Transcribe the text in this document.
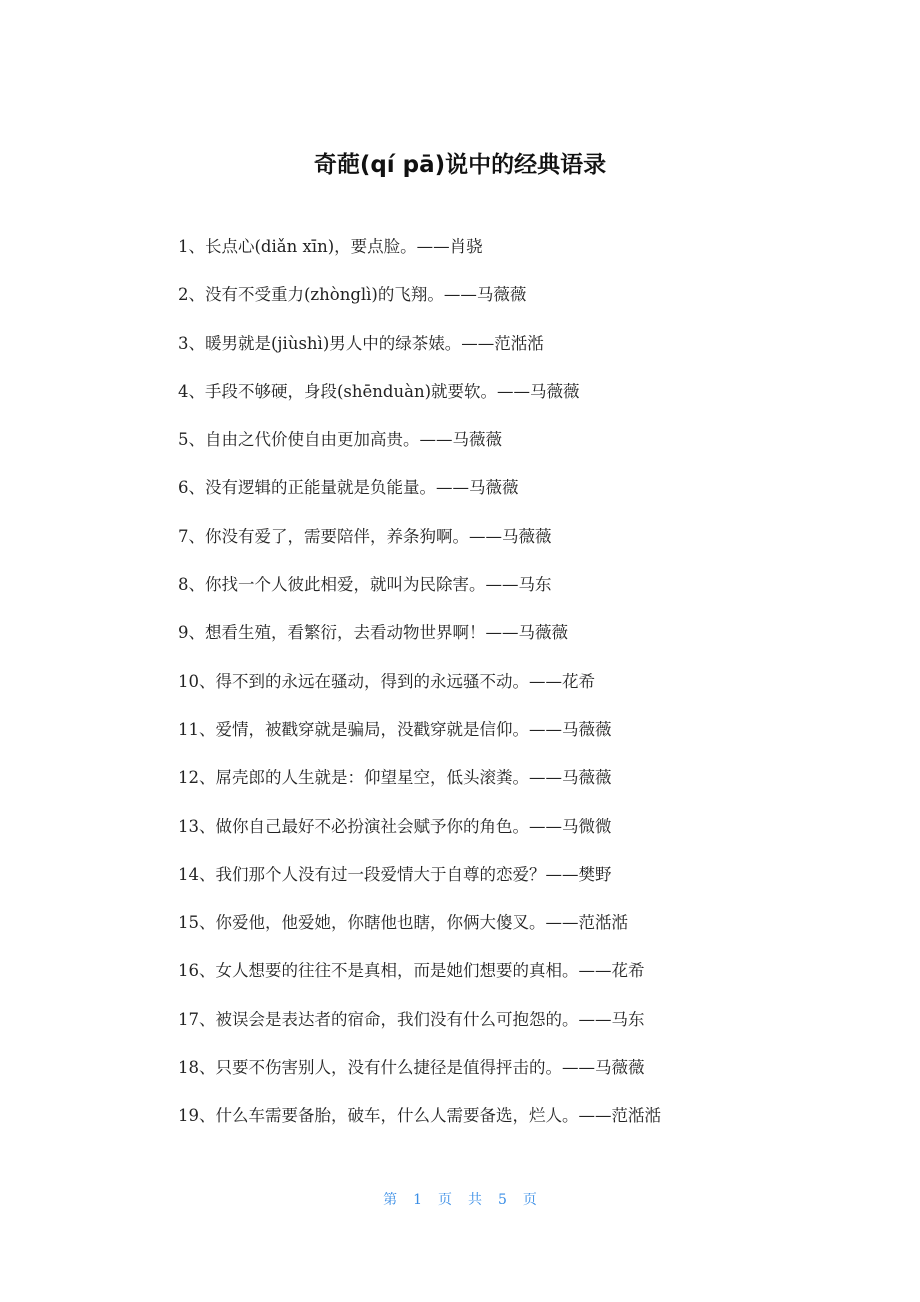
奇葩(qí pā)说中的经典语录
1、长点心(diǎn xīn)，要点脸。——肖骁
2、没有不受重力(zhònglì)的飞翔。——马薇薇
3、暖男就是(jiùshì)男人中的绿茶婊。——范湉湉
4、手段不够硬，身段(shēnduàn)就要软。——马薇薇
5、自由之代价使自由更加高贵。——马薇薇
6、没有逻辑的正能量就是负能量。——马薇薇
7、你没有爱了，需要陪伴，养条狗啊。——马薇薇
8、你找一个人彼此相爱，就叫为民除害。——马东
9、想看生殖，看繁衍，去看动物世界啊！——马薇薇
10、得不到的永远在骚动，得到的永远骚不动。——花希
11、爱情，被戳穿就是骗局，没戳穿就是信仰。——马薇薇
12、屌壳郎的人生就是：仰望星空，低头滚粪。——马薇薇
13、做你自己最好不必扮演社会赋予你的角色。——马微微
14、我们那个人没有过一段爱情大于自尊的恋爱？——樊野
15、你爱他，他爱她，你瞎他也瞎，你俩大傻叉。——范湉湉
16、女人想要的往往不是真相，而是她们想要的真相。——花希
17、被误会是表达者的宿命，我们没有什么可抱怨的。——马东
18、只要不伤害别人，没有什么捷径是值得抨击的。——马薇薇
19、什么车需要备胎，破车，什么人需要备选，烂人。——范湉湉
第 1 页 共 5 页
